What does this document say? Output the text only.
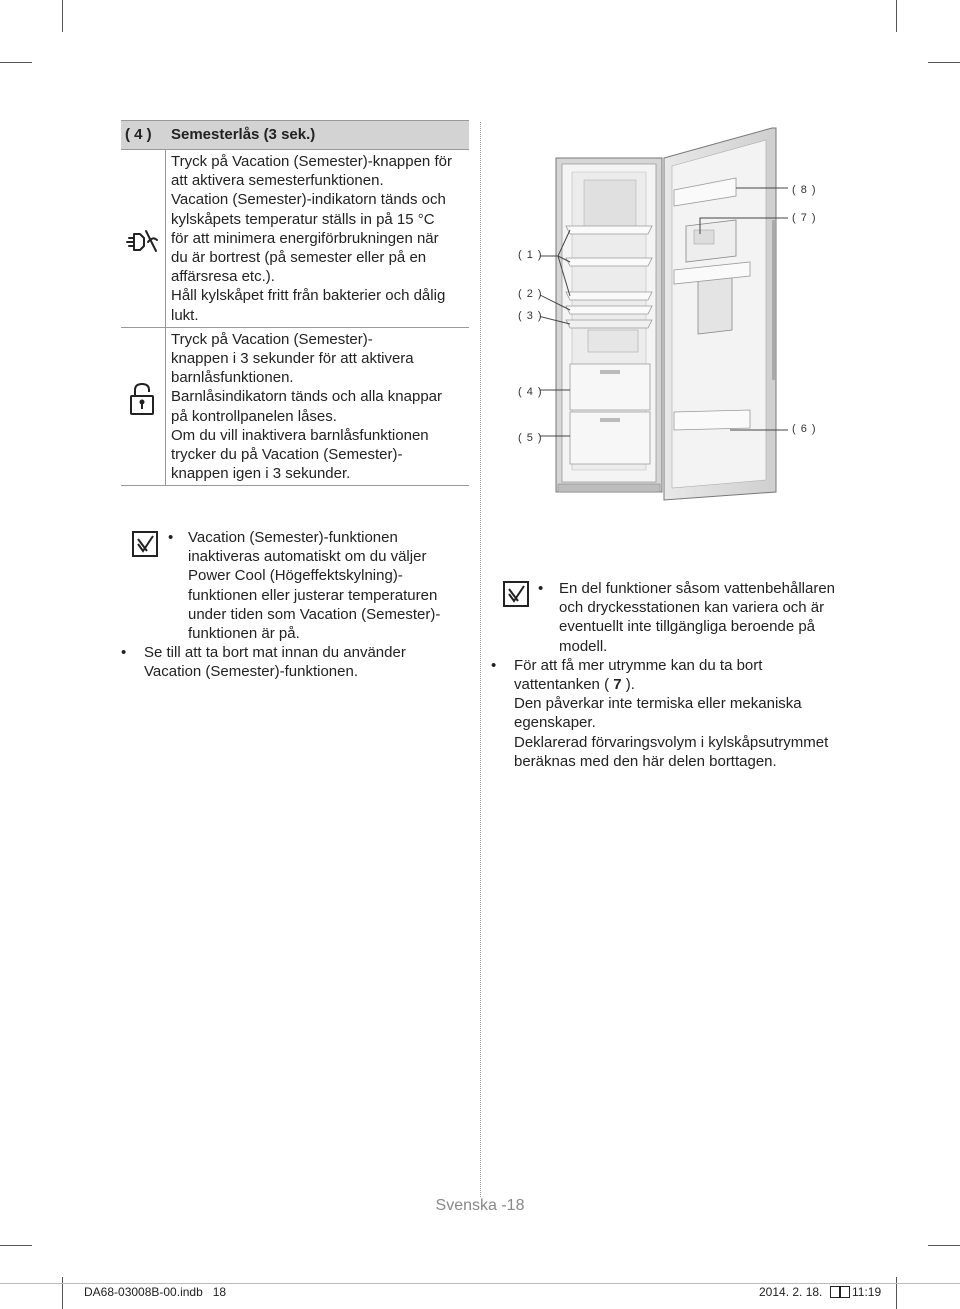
( 4 ) Semesterlås (3 sek.)

Tryck på Vacation (Semester)-knappen för

att aktivera semesterfunktionen.

Vacation (Semester)-indikatorn tänds och

kylskåpets temperatur ställs in på 15 °C

för att minimera energiförbrukningen när

du är bortrest (på semester eller på en

affärsresa etc.).

Håll kylskåpet fritt från bakterier och dålig

lukt.

Tryck på Vacation (Semester)-

knappen i 3 sekunder för att aktivera

barnlåsfunktionen.

Barnlåsindikatorn tänds och alla knappar

på kontrollpanelen låses.

Om du vill inaktivera barnlåsfunktionen

trycker du på Vacation (Semester)-

knappen igen i 3 sekunder.

( 1 )
( 2 )
( 3 )
( 4 )
( 5 )
( 6 )
( 7 )
( 8 )
• Vacation (Semester)-funktionen
inaktiveras automatiskt om du väljer
Power Cool (Högeffektskylning)-
funktionen eller justerar temperaturen
under tiden som Vacation (Semester)-
funktionen är på.
• Se till att ta bort mat innan du använder
Vacation (Semester)-funktionen.
• En del funktioner såsom vattenbehållaren
och dryckesstationen kan variera och är
eventuellt inte tillgängliga beroende på
modell.
• För att få mer utrymme kan du ta bort
vattentanken ( 7 ).
Den påverkar inte termiska eller mekaniska
egenskaper.
Deklarerad förvaringsvolym i kylskåpsutrymmet
beräknas med den här delen borttagen.
Svenska -18
DA68-03008B-00.indb   18	2014. 2. 18. 11:19
